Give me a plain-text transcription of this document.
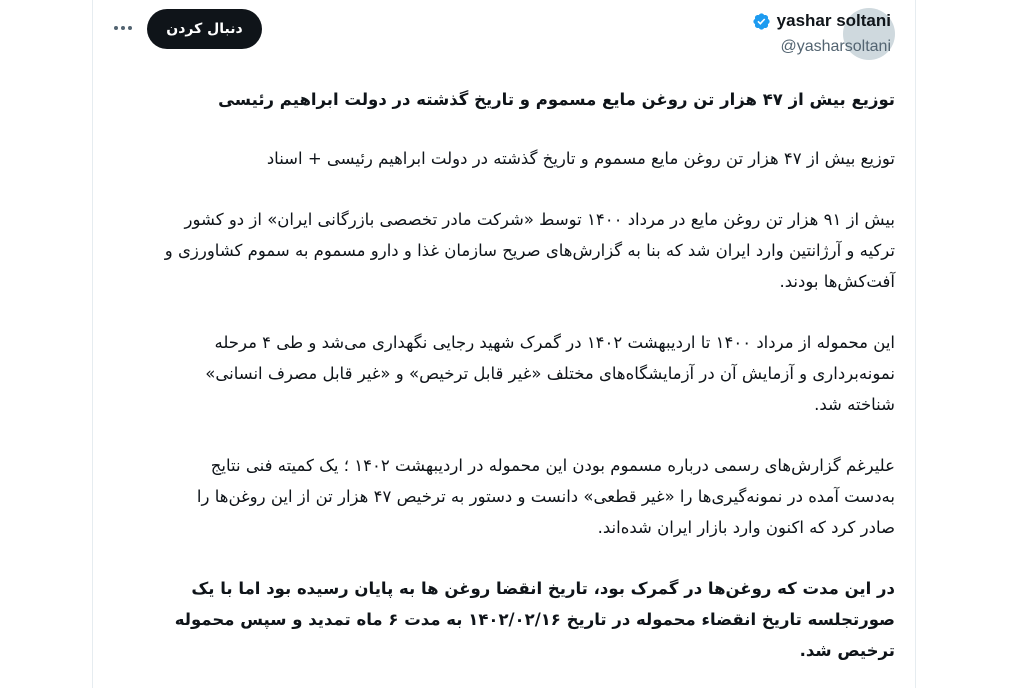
yashar soltani
@yasharsoltani
دنبال کردن

توزیع بیش از ۴۷ هزار تن روغن مایع مسموم و تاریخ گذشته در دولت ابراهیم رئیسی

توزیع بیش از ۴۷ هزار تن روغن مایع مسموم و تاریخ گذشته در دولت ابراهیم رئیسی + اسناد

بیش از ۹۱ هزار تن روغن مایع در مرداد ۱۴۰۰ توسط «شرکت مادر تخصصی بازرگانی ایران» از دو کشور ترکیه و آرژانتین وارد ایران شد که بنا به گزارش‌های صریح سازمان غذا و دارو مسموم به سموم کشاورزی و آفت‌کش‌ها بودند.

این محموله از مرداد ۱۴۰۰ تا اردیبهشت ۱۴۰۲ در گمرک شهید رجایی نگهداری می‌شد و طی ۴ مرحله نمونه‌برداری و آزمایش آن در آزمایشگاه‌های مختلف «غیر قابل ترخیص» و «غیر قابل مصرف انسانی» شناخته شد.

علیرغم گزارش‌های رسمی درباره مسموم بودن این محموله در اردیبهشت ۱۴۰۲ ؛ یک کمیته فنی نتایج به‌دست آمده در نمونه‌گیری‌ها را «غیر قطعی» دانست و دستور به ترخیص ۴۷ هزار تن از این روغن‌ها را صادر کرد که اکنون وارد بازار ایران شده‌اند.

در این مدت که روغن‌ها در گمرک بود، تاریخ انقضا روغن ها به پایان رسیده بود اما با یک صورتجلسه تاریخ انقضاء محموله در تاریخ ۱۴۰۲/۰۲/۱۶ به مدت ۶ ماه تمدید و سپس محموله ترخیص شد.
